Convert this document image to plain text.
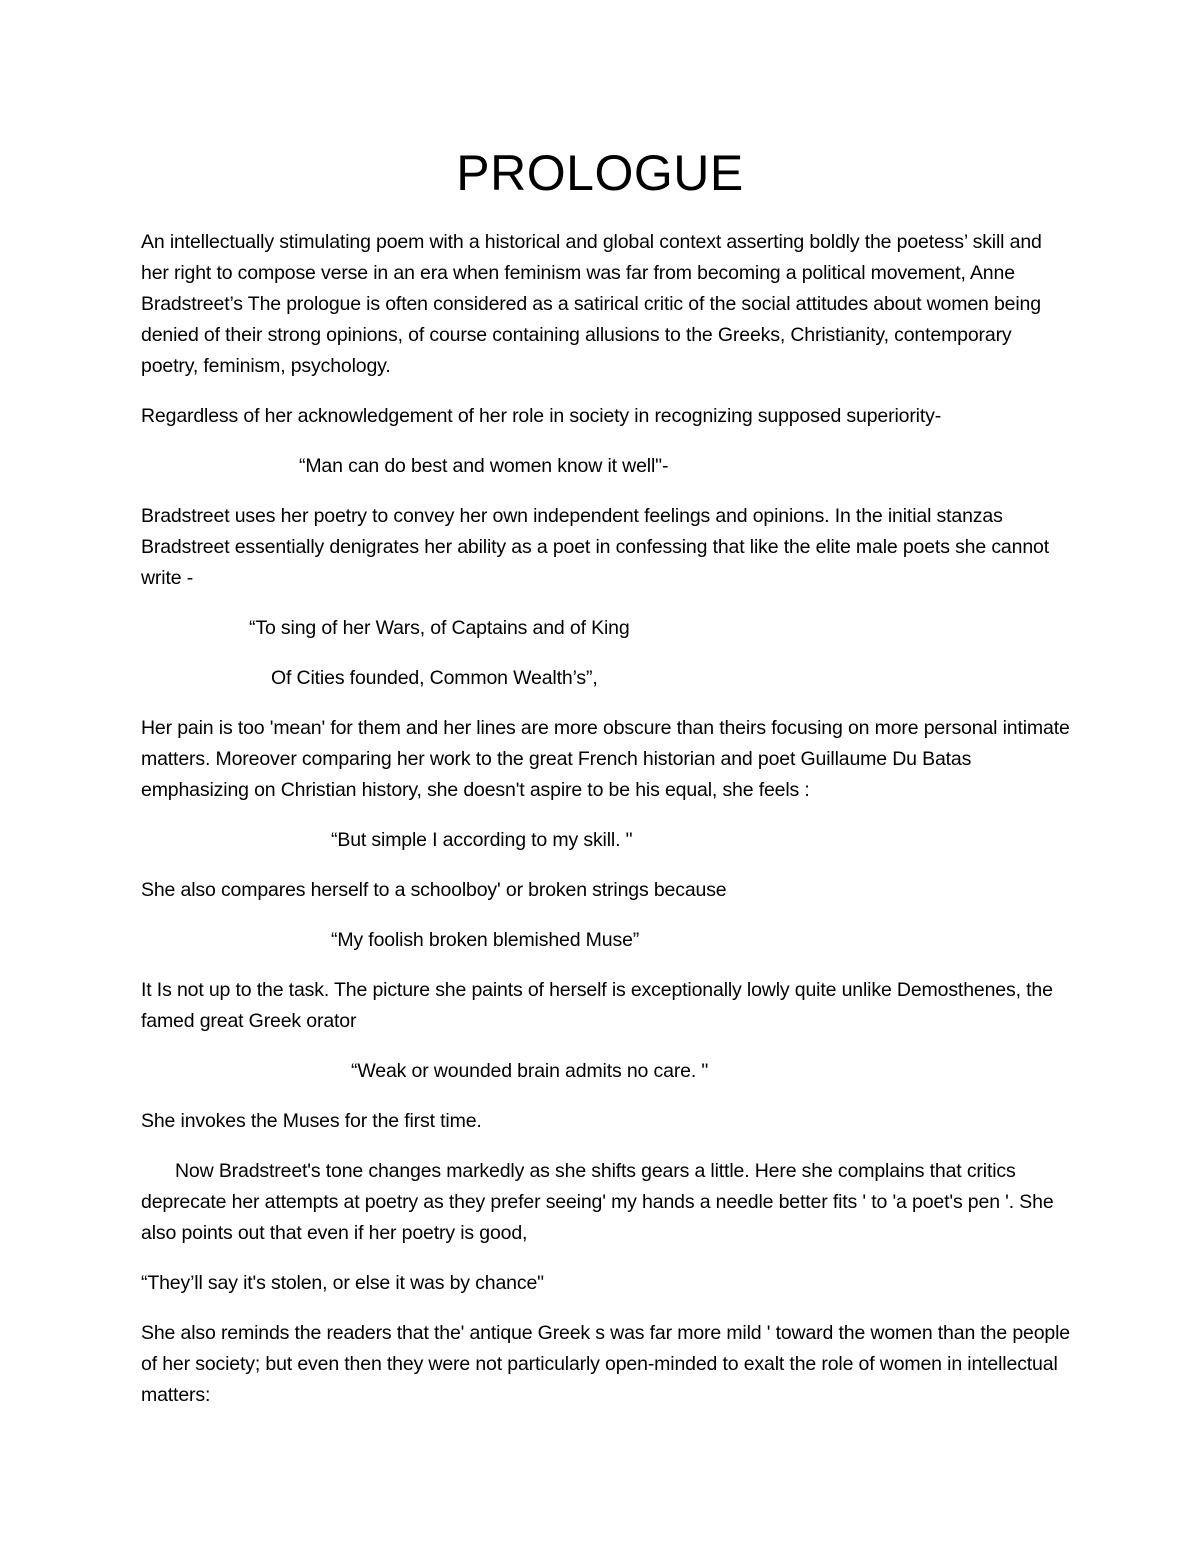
PROLOGUE

An intellectually stimulating poem with a historical and global context asserting boldly the poetess’ skill and her right to compose verse in an era when feminism was far from becoming a political movement, Anne Bradstreet’s The prologue is often considered as a satirical critic of the social attitudes about women being denied of their strong opinions, of course containing allusions to the Greeks, Christianity, contemporary poetry, feminism, psychology.

Regardless of her acknowledgement of her role in society in recognizing supposed superiority-

“Man can do best and women know it well"-

Bradstreet uses her poetry to convey her own independent feelings and opinions. In the initial stanzas Bradstreet essentially denigrates her ability as a poet in confessing that like the elite male poets she cannot write -

“To sing of her Wars, of Captains and of King

Of Cities founded, Common Wealth’s”,

Her pain is too 'mean' for them and her lines are more obscure than theirs focusing on more personal intimate matters. Moreover comparing her work to the great French historian and poet Guillaume Du Batas emphasizing on Christian history, she doesn't aspire to be his equal, she feels :

“But simple I according to my skill. "

She also compares herself to a schoolboy' or broken strings because

“My foolish broken blemished Muse”

It Is not up to the task. The picture she paints of herself is exceptionally lowly quite unlike Demosthenes, the famed great Greek orator

“Weak or wounded brain admits no care. "

She invokes the Muses for the first time.

Now Bradstreet's tone changes markedly as she shifts gears a little. Here she complains that critics deprecate her attempts at poetry as they prefer seeing' my hands a needle better fits ' to 'a poet's pen '. She also points out that even if her poetry is good,

“They’ll say it's stolen, or else it was by chance"

She also reminds the readers that the' antique Greek s was far more mild ' toward the women than the people of her society; but even then they were not particularly open-minded to exalt the role of women in intellectual matters:
